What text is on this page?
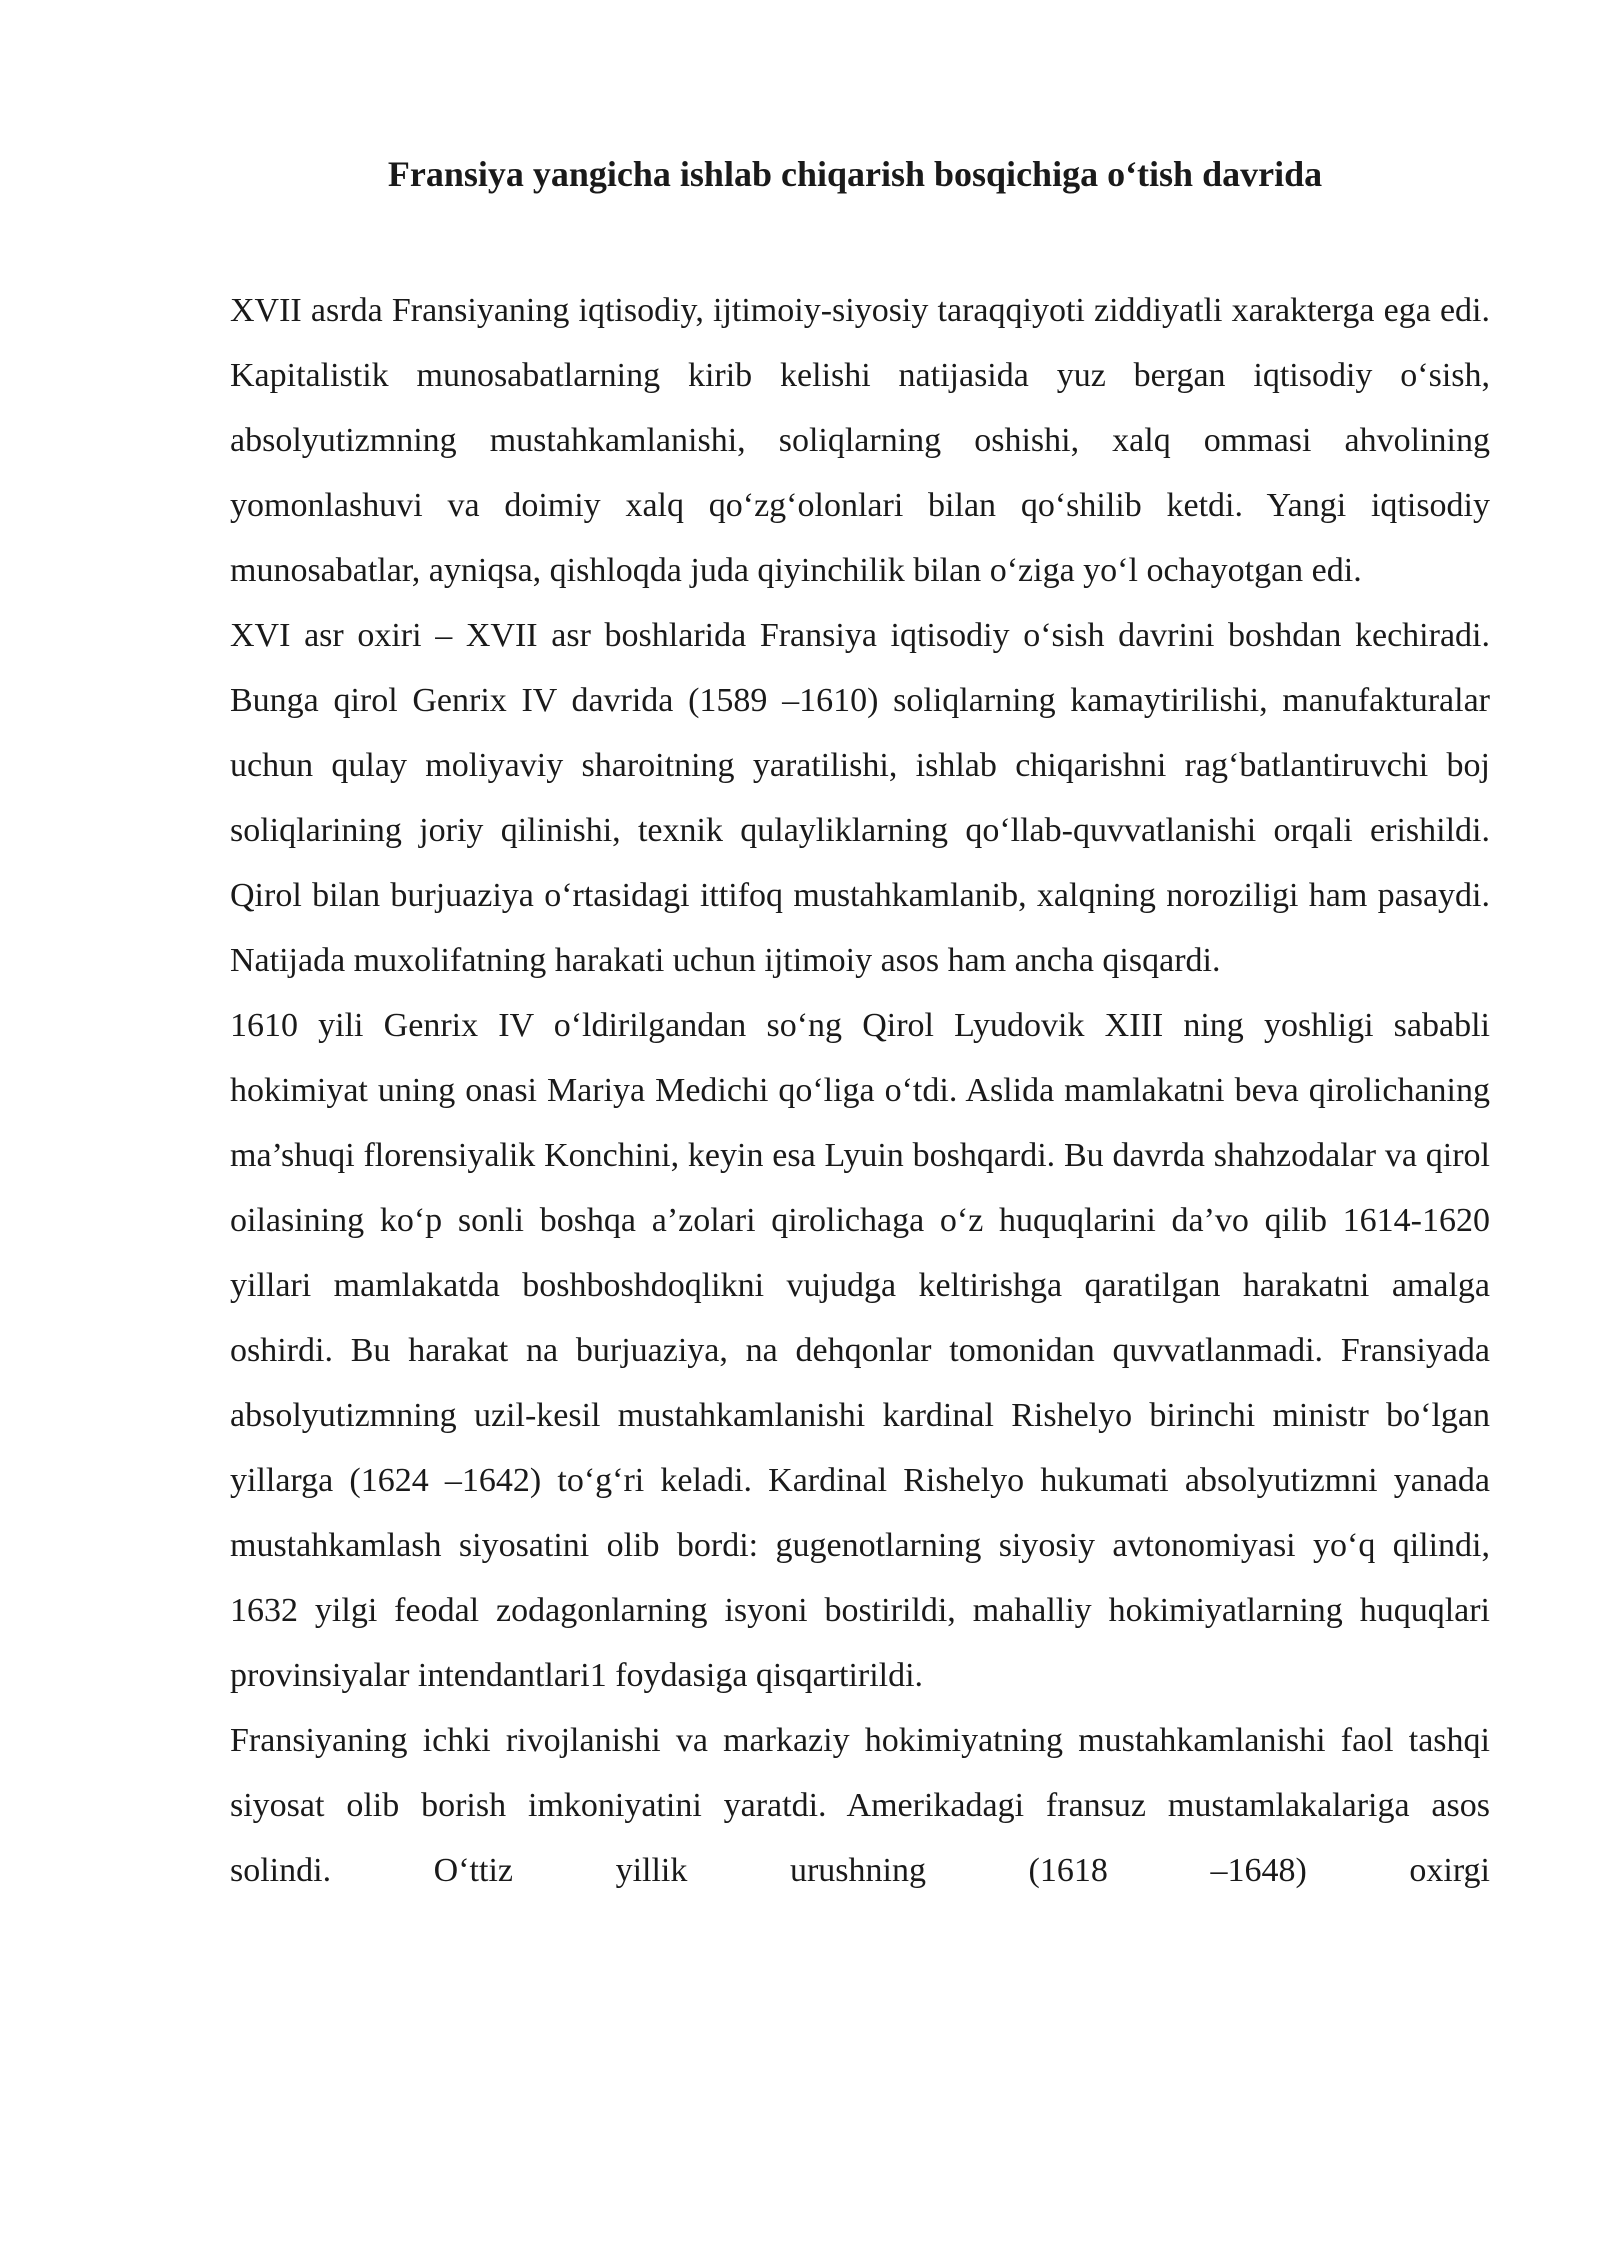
Fransiya yangicha ishlab chiqarish bosqichiga o‘tish davrida

XVII asrda Fransiyaning iqtisodiy, ijtimoiy-siyosiy taraqqiyoti ziddiyatli xarakterga ega edi. Kapitalistik munosabatlarning kirib kelishi natijasida yuz bergan iqtisodiy o‘sish, absolyutizmning mustahkamlanishi, soliqlarning oshishi, xalq ommasi ahvolining yomonlashuvi va doimiy xalq qo‘zg‘olonlari bilan qo‘shilib ketdi. Yangi iqtisodiy munosabatlar, ayniqsa, qishloqda juda qiyinchilik bilan o‘ziga yo‘l ochayotgan edi.

XVI asr oxiri – XVII asr boshlarida Fransiya iqtisodiy o‘sish davrini boshdan kechiradi. Bunga qirol Genrix IV davrida (1589 –1610) soliqlarning kamaytirilishi, manufakturalar uchun qulay moliyaviy sharoitning yaratilishi, ishlab chiqarishni rag‘batlantiruvchi boj soliqlarining joriy qilinishi, texnik qulayliklarning qo‘llab-quvvatlanishi orqali erishildi. Qirol bilan burjuaziya o‘rtasidagi ittifoq mustahkamlanib, xalqning noroziligi ham pasaydi. Natijada muxolifatning harakati uchun ijtimoiy asos ham ancha qisqardi.

1610 yili Genrix IV o‘ldirilgandan so‘ng Qirol Lyudovik XIII ning yoshligi sababli hokimiyat uning onasi Mariya Medichi qo‘liga o‘tdi. Aslida mamlakatni beva qirolichaning ma’shuqi florensiyalik Konchini, keyin esa Lyuin boshqardi. Bu davrda shahzodalar va qirol oilasining ko‘p sonli boshqa a’zolari qirolichaga o‘z huquqlarini da’vo qilib 1614-1620 yillari mamlakatda boshboshdoqlikni vujudga keltirishga qaratilgan harakatni amalga oshirdi. Bu harakat na burjuaziya, na dehqonlar tomonidan quvvatlanmadi. Fransiyada absolyutizmning uzil-kesil mustahkamlanishi kardinal Rishelyo birinchi ministr bo‘lgan yillarga (1624 –1642) to‘g‘ri keladi. Kardinal Rishelyo hukumati absolyutizmni yanada mustahkamlash siyosatini olib bordi: gugenotlarning siyosiy avtonomiyasi yo‘q qilindi, 1632 yilgi feodal zodagonlarning isyoni bostirildi, mahalliy hokimiyatlarning huquqlari provinsiyalar intendantlari1 foydasiga qisqartirildi.

Fransiyaning ichki rivojlanishi va markaziy hokimiyatning mustahkamlanishi faol tashqi siyosat olib borish imkoniyatini yaratdi. Amerikadagi fransuz mustamlakalariga asos solindi. O‘ttiz yillik urushning (1618 –1648) oxirgi
